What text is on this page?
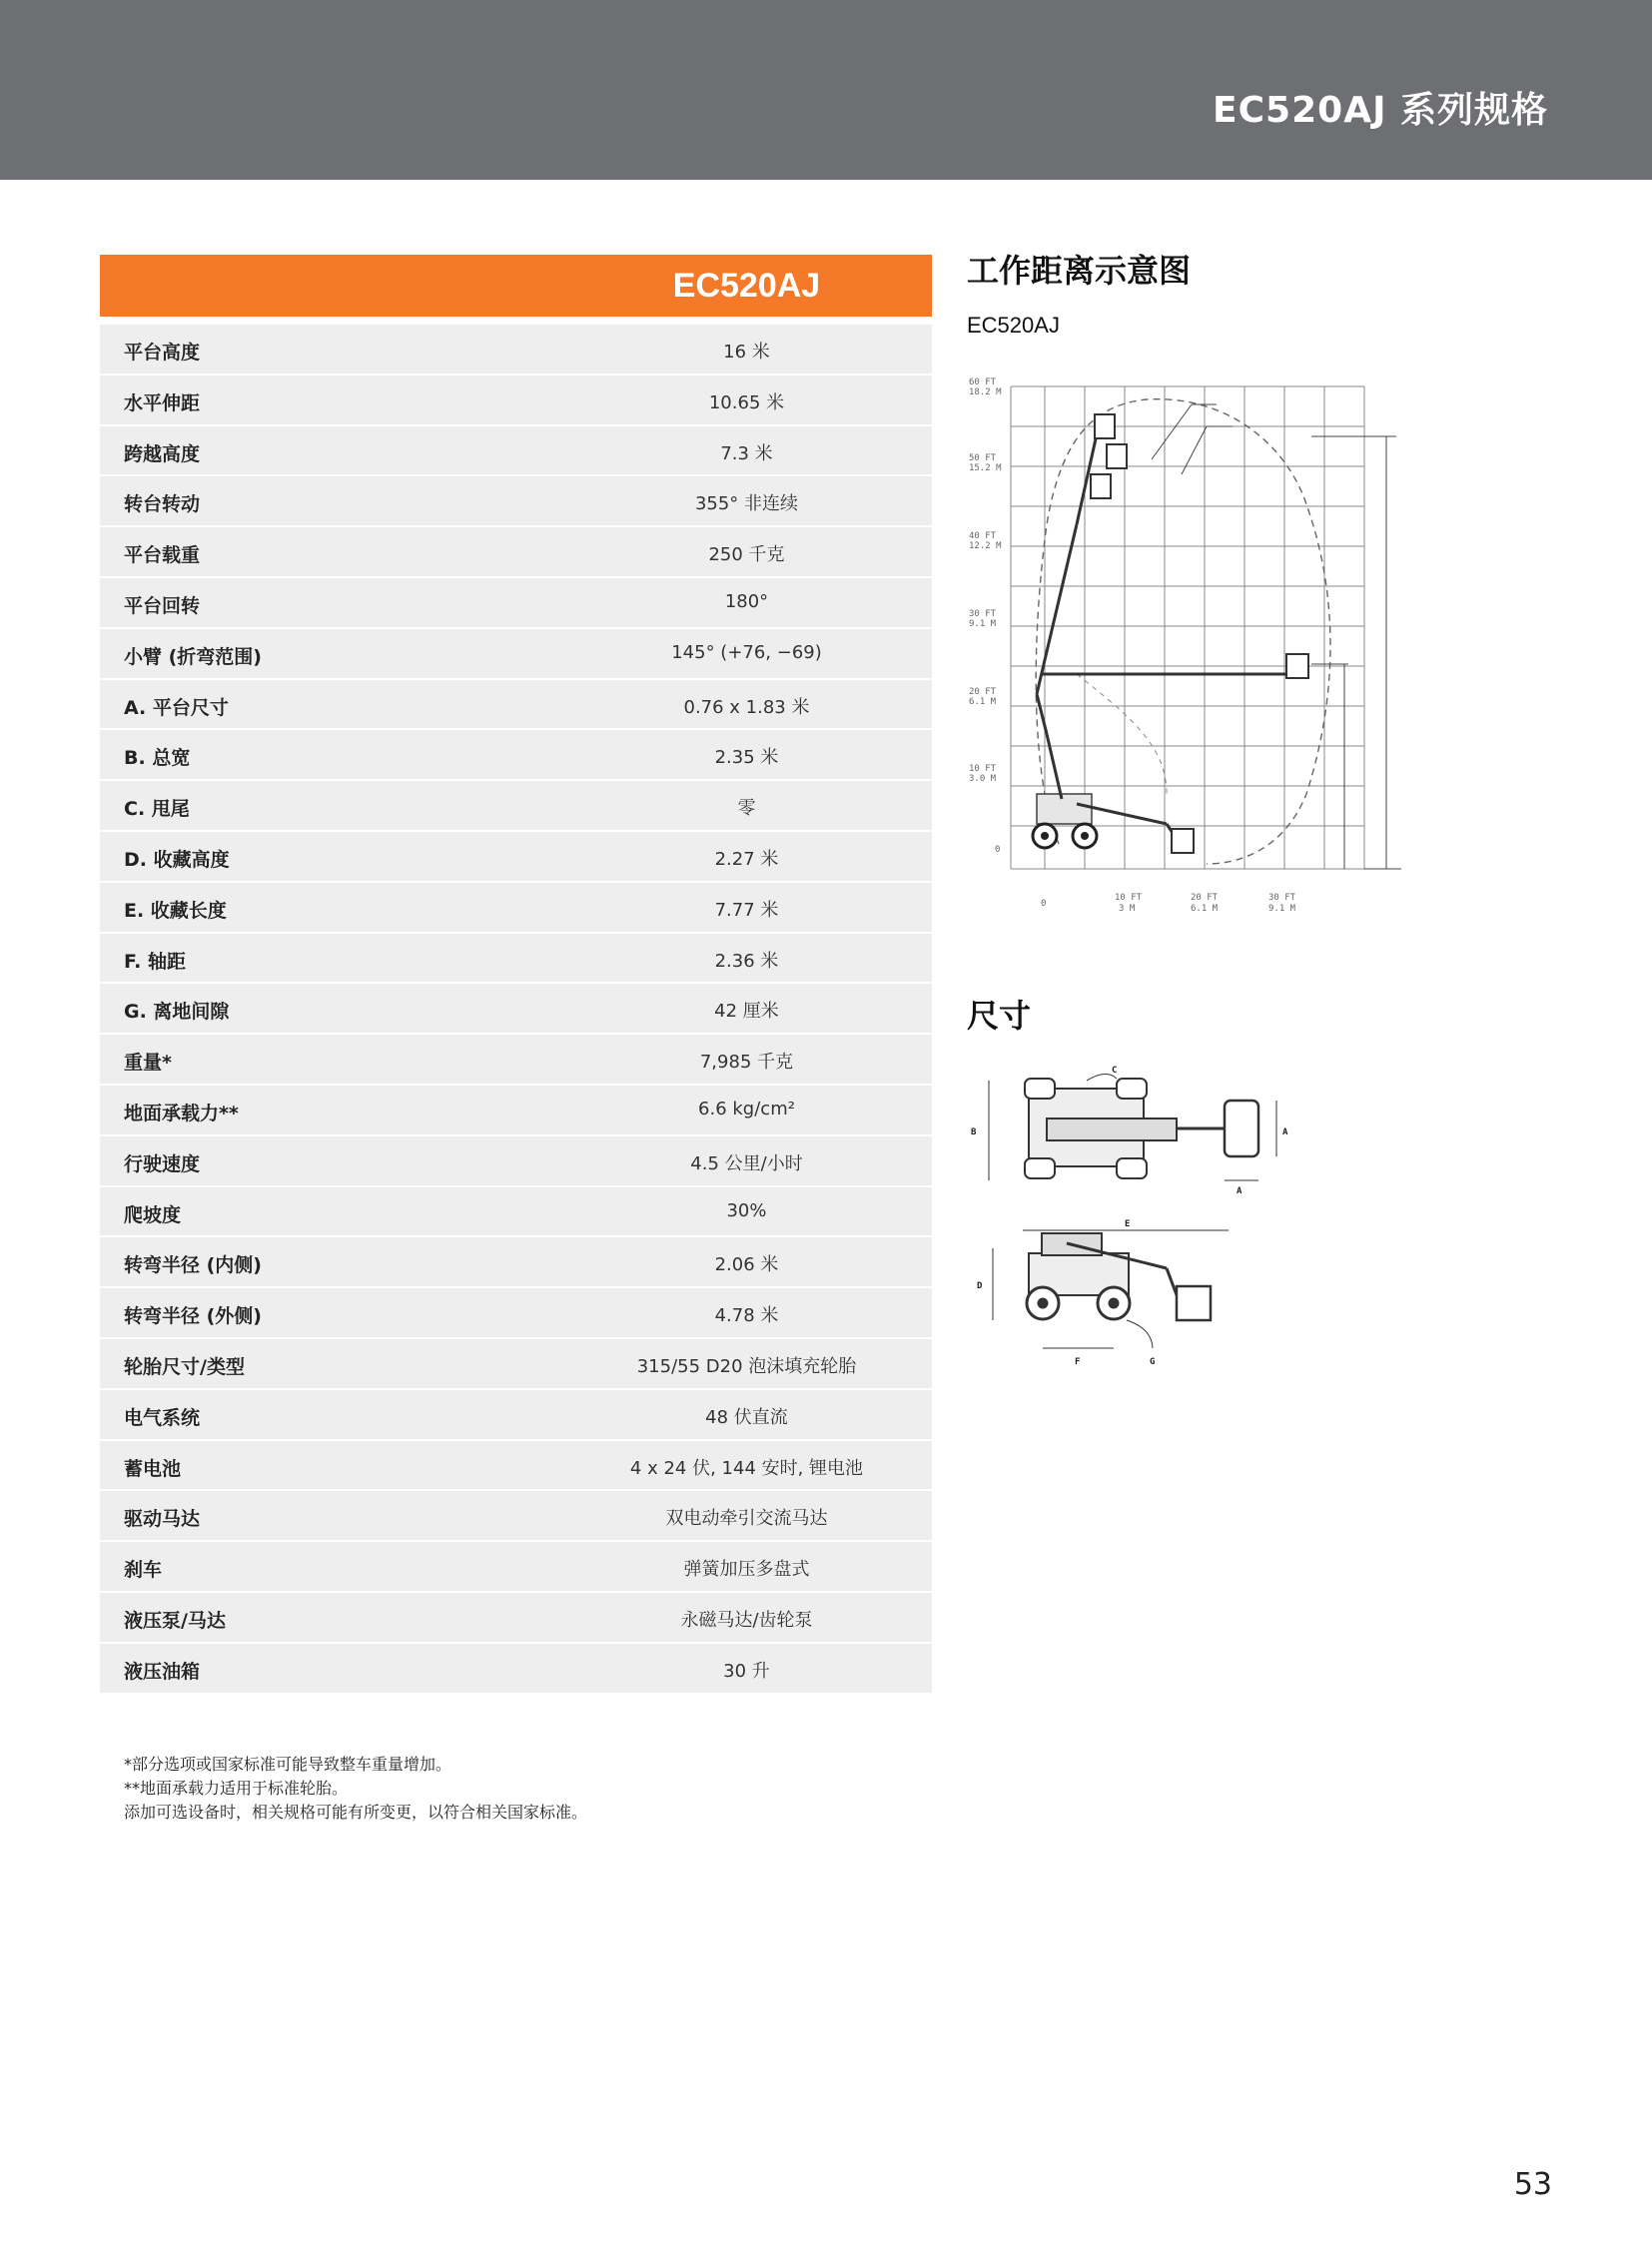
EC520AJ 系列规格
EC520AJ
平台高度	16 米
水平伸距	10.65 米
跨越高度	7.3 米
转台转动	355° 非连续
平台载重	250 千克
平台回转	180°
小臂 (折弯范围)	145° (+76, −69)
A. 平台尺寸	0.76 x 1.83 米
B. 总宽	2.35 米
C. 甩尾	零
D. 收藏高度	2.27 米
E. 收藏长度	7.77 米
F. 轴距	2.36 米
G. 离地间隙	42 厘米
重量*	7,985 千克
地面承载力**	6.6 kg/cm²
行驶速度	4.5 公里/小时
爬坡度	30%
转弯半径 (内侧)	2.06 米
转弯半径 (外侧)	4.78 米
轮胎尺寸/类型	315/55 D20 泡沫填充轮胎
电气系统	48 伏直流
蓄电池	4 x 24 伏, 144 安时, 锂电池
驱动马达	双电动牵引交流马达
刹车	弹簧加压多盘式
液压泵/马达	永磁马达/齿轮泵
液压油箱	30 升
*部分选项或国家标准可能导致整车重量增加。
**地面承载力适用于标准轮胎。
添加可选设备时，相关规格可能有所变更，以符合相关国家标准。
工作距离示意图
EC520AJ
60 FT
18.2 M
50 FT
15.2 M
40 FT
12.2 M
30 FT
9.1 M
20 FT
6.1 M
10 FT
3.0 M
0
0
10 FT
3 M
20 FT
6.1 M
30 FT
9.1 M
尺寸
C
B	A
A
D
E
F	G
53
